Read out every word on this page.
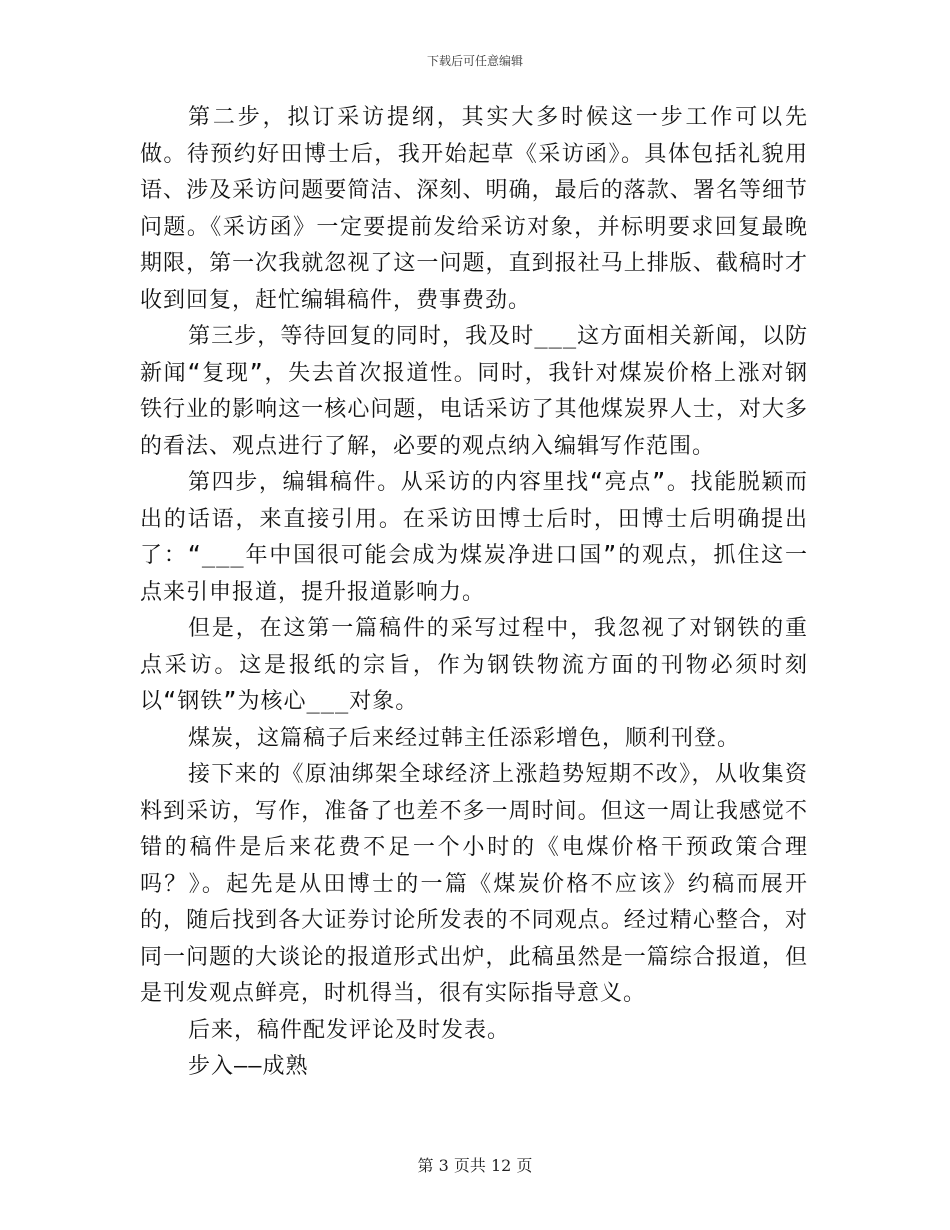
下载后可任意编辑

第二步，拟订采访提纲，其实大多时候这一步工作可以先做。待预约好田博士后，我开始起草《采访函》。具体包括礼貌用语、涉及采访问题要简洁、深刻、明确，最后的落款、署名等细节问题。《采访函》一定要提前发给采访对象，并标明要求回复最晚期限，第一次我就忽视了这一问题，直到报社马上排版、截稿时才收到回复，赶忙编辑稿件，费事费劲。

第三步，等待回复的同时，我及时___这方面相关新闻，以防新闻“复现”，失去首次报道性。同时，我针对煤炭价格上涨对钢铁行业的影响这一核心问题，电话采访了其他煤炭界人士，对大多的看法、观点进行了解，必要的观点纳入编辑写作范围。

第四步，编辑稿件。从采访的内容里找“亮点”。找能脱颖而出的话语，来直接引用。在采访田博士后时，田博士后明确提出了：“___年中国很可能会成为煤炭净进口国”的观点，抓住这一点来引申报道，提升报道影响力。

但是，在这第一篇稿件的采写过程中，我忽视了对钢铁的重点采访。这是报纸的宗旨，作为钢铁物流方面的刊物必须时刻以“钢铁”为核心___对象。

煤炭，这篇稿子后来经过韩主任添彩增色，顺利刊登。

接下来的《原油绑架全球经济上涨趋势短期不改》，从收集资料到采访，写作，准备了也差不多一周时间。但这一周让我感觉不错的稿件是后来花费不足一个小时的《电煤价格干预政策合理吗？》。起先是从田博士的一篇《煤炭价格不应该》约稿而展开的，随后找到各大证券讨论所发表的不同观点。经过精心整合，对同一问题的大谈论的报道形式出炉，此稿虽然是一篇综合报道，但是刊发观点鲜亮，时机得当，很有实际指导意义。

后来，稿件配发评论及时发表。

步入——成熟

第 3 页共 12 页
